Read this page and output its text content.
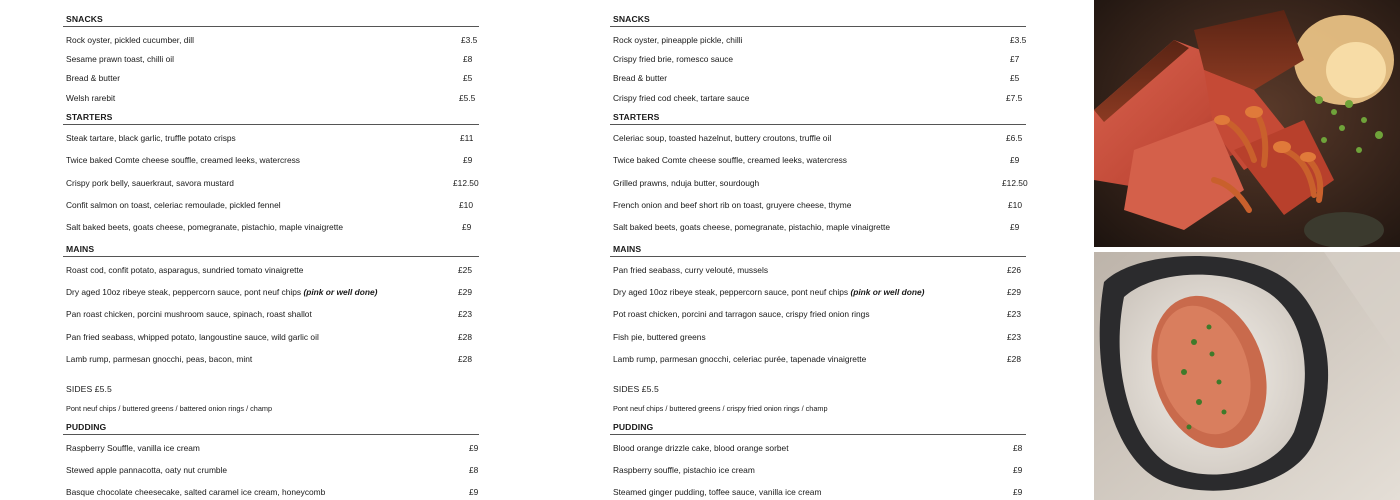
SNACKS
Rock oyster, pickled cucumber, dill	£3.5
Sesame prawn toast, chilli oil	£8
Bread & butter	£5
Welsh rarebit	£5.5
STARTERS
Steak tartare, black garlic, truffle potato crisps	£11
Twice baked Comte cheese souffle, creamed leeks, watercress	£9
Crispy pork belly, sauerkraut, savora mustard	£12.50
Confit salmon on toast, celeriac remoulade, pickled fennel	£10
Salt baked beets, goats cheese, pomegranate, pistachio, maple vinaigrette	£9
MAINS
Roast cod, confit potato, asparagus, sundried tomato vinaigrette	£25
Dry aged 10oz ribeye steak, peppercorn sauce, pont neuf chips (pink or well done)	£29
Pan roast chicken, porcini mushroom sauce, spinach, roast shallot	£23
Pan fried seabass, whipped potato, langoustine sauce, wild garlic oil	£28
Lamb rump, parmesan gnocchi, peas, bacon, mint	£28
SIDES £5.5
Pont neuf chips / buttered greens / battered onion rings / champ
PUDDING
Raspberry Souffle, vanilla ice cream	£9
Stewed apple pannacotta, oaty nut crumble	£8
Basque chocolate cheesecake, salted caramel ice cream, honeycomb	£9
SNACKS
Rock oyster, pineapple pickle, chilli	£3.5
Crispy fried brie, romesco sauce	£7
Bread & butter	£5
Crispy fried cod cheek, tartare sauce	£7.5
STARTERS
Celeriac soup, toasted hazelnut, buttery croutons, truffle oil	£6.5
Twice baked Comte cheese souffle, creamed leeks, watercress	£9
Grilled prawns, nduja butter, sourdough	£12.50
French onion and beef short rib on toast, gruyere cheese, thyme	£10
Salt baked beets, goats cheese, pomegranate, pistachio, maple vinaigrette	£9
MAINS
Pan fried seabass, curry velouté, mussels	£26
Dry aged 10oz ribeye steak, peppercorn sauce, pont neuf chips (pink or well done)	£29
Pot roast chicken, porcini and tarragon sauce, crispy fried onion rings	£23
Fish pie, buttered greens	£23
Lamb rump, parmesan gnocchi, celeriac purée, tapenade vinaigrette	£28
SIDES £5.5
Pont neuf chips / buttered greens / crispy fried onion rings / champ
PUDDING
Blood orange drizzle cake, blood orange sorbet	£8
Raspberry souffle, pistachio ice cream	£9
Steamed ginger pudding, toffee sauce, vanilla ice cream	£9
